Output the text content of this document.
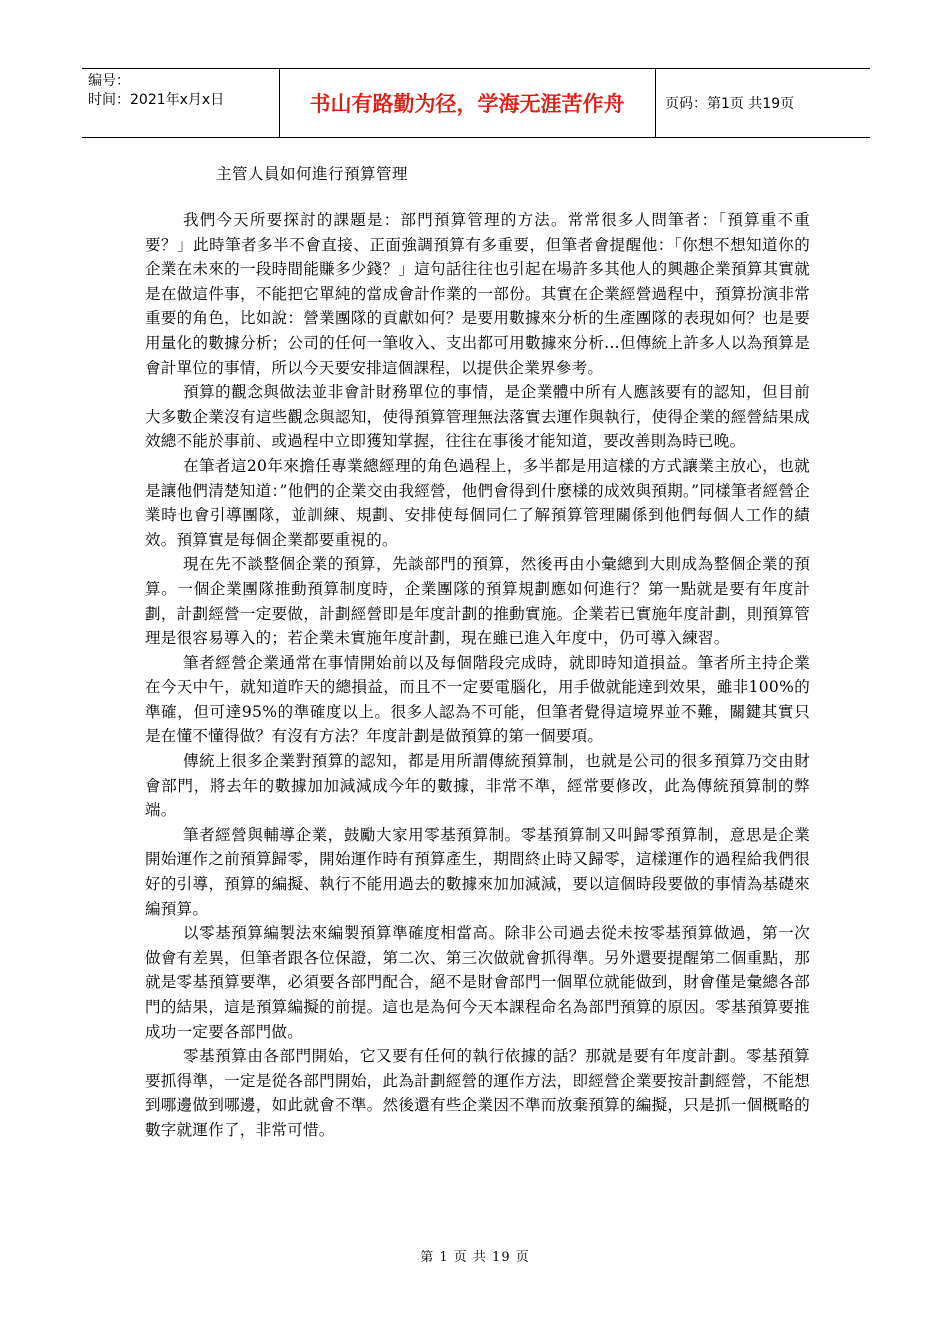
编号：
时间：2021年x月x日	书山有路勤为径，学海无涯苦作舟	页码：第1页 共19页
主管人員如何進行預算管理

我們今天所要探討的課題是：部門預算管理的方法。常常很多人問筆者：「預算重不重要？」此時筆者多半不會直接、正面強調預算有多重要，但筆者會提醒他：「你想不想知道你的企業在未來的一段時間能賺多少錢？」這句話往往也引起在場許多其他人的興趣企業預算其實就是在做這件事，不能把它單純的當成會計作業的一部份。其實在企業經營過程中，預算扮演非常重要的角色，比如說：營業團隊的貢獻如何？是要用數據來分析的生產團隊的表現如何？也是要用量化的數據分析；公司的任何一筆收入、支出都可用數據來分析…但傳統上許多人以為預算是會計單位的事情，所以今天要安排這個課程，以提供企業界參考。

預算的觀念與做法並非會計財務單位的事情，是企業體中所有人應該要有的認知，但目前大多數企業沒有這些觀念與認知，使得預算管理無法落實去運作與執行，使得企業的經營結果成效總不能於事前、或過程中立即獲知掌握，往往在事後才能知道，要改善則為時已晚。

在筆者這20年來擔任專業總經理的角色過程上，多半都是用這樣的方式讓業主放心，也就是讓他們清楚知道：”他們的企業交由我經營，他們會得到什麼樣的成效與預期。”同樣筆者經營企業時也會引導團隊，並訓練、規劃、安排使每個同仁了解預算管理關係到他們每個人工作的績效。預算實是每個企業都要重視的。

現在先不談整個企業的預算，先談部門的預算，然後再由小彙總到大則成為整個企業的預算。一個企業團隊推動預算制度時，企業團隊的預算規劃應如何進行？第一點就是要有年度計劃，計劃經營一定要做，計劃經營即是年度計劃的推動實施。企業若已實施年度計劃，則預算管理是很容易導入的；若企業未實施年度計劃，現在雖已進入年度中，仍可導入練習。

筆者經營企業通常在事情開始前以及每個階段完成時，就即時知道損益。筆者所主持企業在今天中午，就知道昨天的總損益，而且不一定要電腦化，用手做就能達到效果，雖非100%的準確，但可達95%的準確度以上。很多人認為不可能，但筆者覺得這境界並不難，關鍵其實只是在懂不懂得做？有沒有方法？年度計劃是做預算的第一個要項。

傳統上很多企業對預算的認知，都是用所謂傳統預算制，也就是公司的很多預算乃交由財會部門，將去年的數據加加減減成今年的數據，非常不準，經常要修改，此為傳統預算制的弊端。

筆者經營與輔導企業，鼓勵大家用零基預算制。零基預算制又叫歸零預算制，意思是企業開始運作之前預算歸零，開始運作時有預算產生，期間終止時又歸零，這樣運作的過程給我們很好的引導，預算的編擬、執行不能用過去的數據來加加減減，要以這個時段要做的事情為基礎來編預算。

以零基預算編製法來編製預算準確度相當高。除非公司過去從未按零基預算做過，第一次做會有差異，但筆者跟各位保證，第二次、第三次做就會抓得準。另外還要提醒第二個重點，那就是零基預算要準，必須要各部門配合，絕不是財會部門一個單位就能做到，財會僅是彙總各部門的結果，這是預算編擬的前提。這也是為何今天本課程命名為部門預算的原因。零基預算要推成功一定要各部門做。

零基預算由各部門開始，它又要有任何的執行依據的話？那就是要有年度計劃。零基預算要抓得準，一定是從各部門開始，此為計劃經營的運作方法，即經營企業要按計劃經營，不能想到哪邊做到哪邊，如此就會不準。然後還有些企業因不準而放棄預算的編擬，只是抓一個概略的數字就運作了，非常可惜。

第 1 页 共 19 页
